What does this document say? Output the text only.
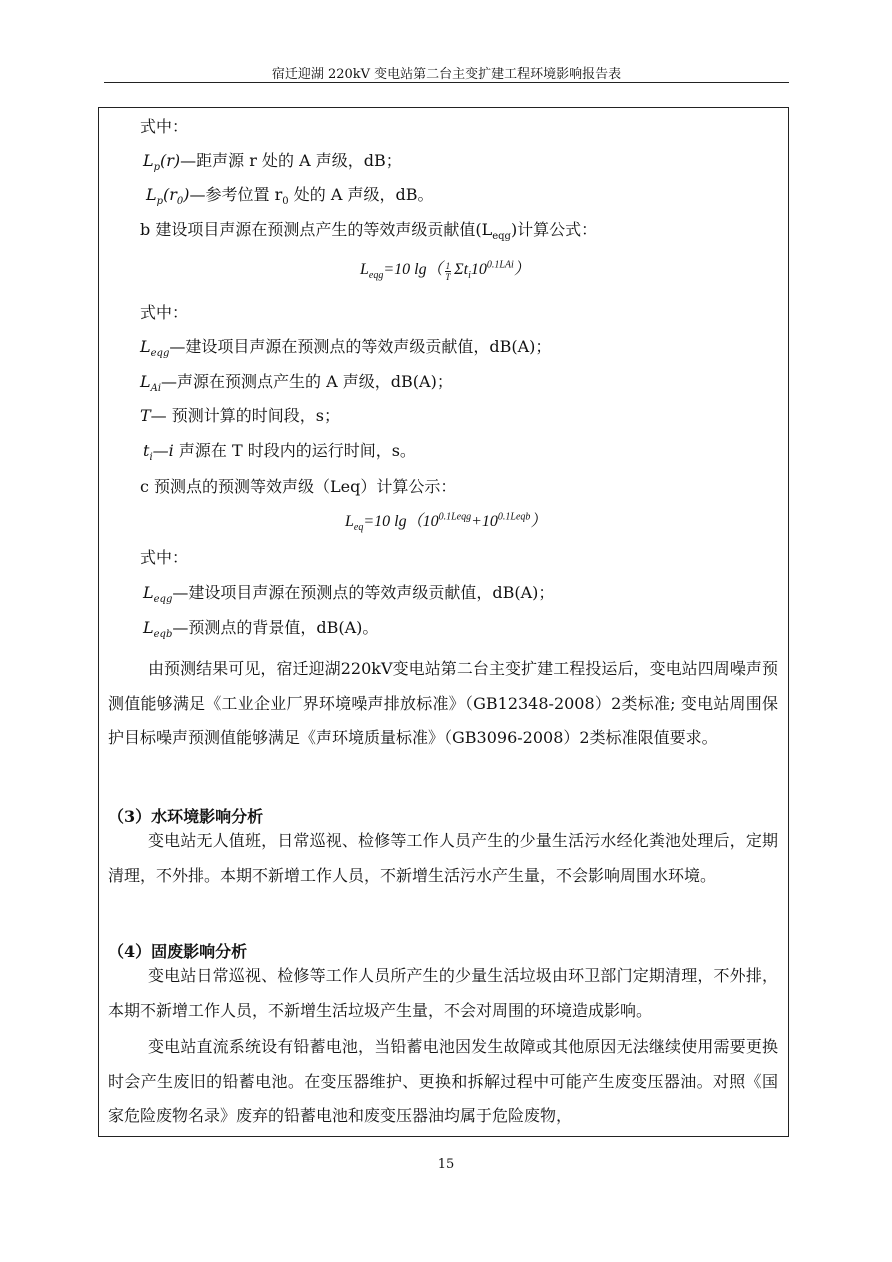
宿迁迎湖 220kV 变电站第二台主变扩建工程环境影响报告表
式中：
$L_p(r)—$距声源 r 处的 A 声级，dB；
$L_p(r_0)—$参考位置 $r_0$ 处的 A 声级，dB。
b 建设项目声源在预测点产生的等效声级贡献值$(L_{eqg})$计算公式：
$L_{eqg}=10$ $\lg( \frac{1}{T} \Sigma t_i10^{0.1LAi})$
式中：
$L_{eqg}—$建设项目声源在预测点的等效声级贡献值，dB(A)；
$L_{Ai}—$声源在预测点产生的 A 声级，dB(A)；
T— 预测计算的时间段，s；
$t_i—i$ 声源在 T 时段内的运行时间，s。
c 预测点的预测等效声级（Leq）计算公示：
$L_{eq}=10$ $\lg(10^{0.1Leqg}+10^{0.1Leqb})$
式中：
$L_{eqg}—$建设项目声源在预测点的等效声级贡献值，dB(A)；
$L_{eqb}—$预测点的背景值，dB(A)。
由预测结果可见，宿迁迎湖220kV变电站第二台主变扩建工程投运后，变电站四周噪声预测值能够满足《工业企业厂界环境噪声排放标准》（GB12348-2008）2类标准; 变电站周围保护目标噪声预测值能够满足《声环境质量标准》（GB3096-2008）2类标准限值要求。
（3）水环境影响分析
变电站无人值班，日常巡视、检修等工作人员产生的少量生活污水经化粪池处理后，定期清理，不外排。本期不新增工作人员，不新增生活污水产生量，不会影响周围水环境。
（4）固废影响分析
变电站日常巡视、检修等工作人员所产生的少量生活垃圾由环卫部门定期清理，不外排，本期不新增工作人员，不新增生活垃圾产生量，不会对周围的环境造成影响。
变电站直流系统设有铅蓄电池，当铅蓄电池因发生故障或其他原因无法继续使用需要更换时会产生废旧的铅蓄电池。在变压器维护、更换和拆解过程中可能产生废变压器油。对照《国家危险废物名录》废弃的铅蓄电池和废变压器油均属于危险废物，
15
